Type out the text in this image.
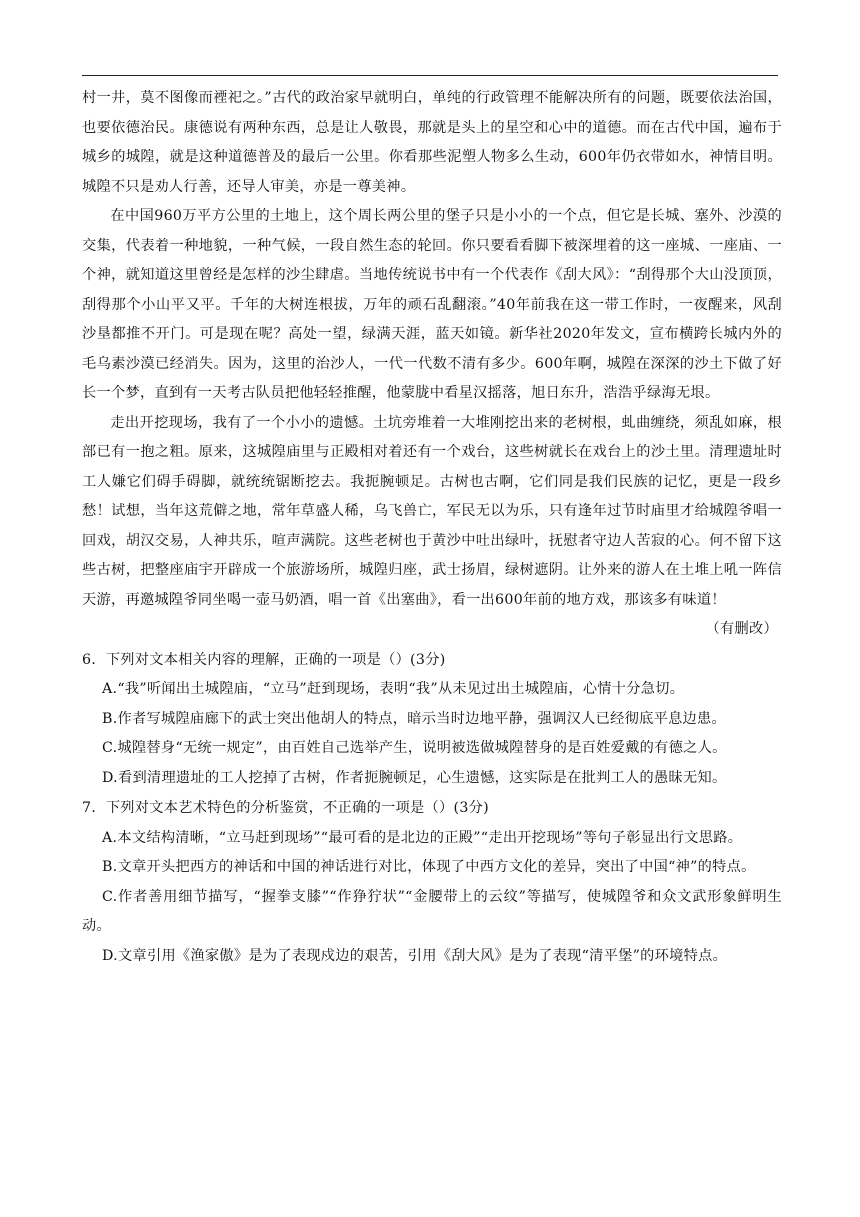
村一井，莫不图像而禋祀之。”古代的政治家早就明白，单纯的行政管理不能解决所有的问题，既要依法治国，也要依德治民。康德说有两种东西，总是让人敬畏，那就是头上的星空和心中的道德。而在古代中国，遍布于城乡的城隍，就是这种道德普及的最后一公里。你看那些泥塑人物多么生动，600年仍衣带如水，神情目明。城隍不只是劝人行善，还导人审美，亦是一尊美神。

在中国960万平方公里的土地上，这个周长两公里的堡子只是小小的一个点，但它是长城、塞外、沙漠的交集，代表着一种地貌，一种气候，一段自然生态的轮回。你只要看看脚下被深埋着的这一座城、一座庙、一个神，就知道这里曾经是怎样的沙尘肆虐。当地传统说书中有一个代表作《刮大风》：“刮得那个大山没顶顶，刮得那个小山平又平。千年的大树连根拔，万年的顽石乱翻滚。”40年前我在这一带工作时，一夜醒来，风刮沙垦都推不开门。可是现在呢？高处一望，绿满天涯，蓝天如镜。新华社2020年发文，宣布横跨长城内外的毛乌素沙漠已经消失。因为，这里的治沙人，一代一代数不清有多少。600年啊，城隍在深深的沙土下做了好长一个梦，直到有一天考古队员把他轻轻推醒，他蒙胧中看星汉摇落，旭日东升，浩浩乎绿海无垠。

走出开挖现场，我有了一个小小的遗憾。土坑旁堆着一大堆刚挖出来的老树根，虬曲缠绕，须乱如麻，根部已有一抱之粗。原来，这城隍庙里与正殿相对着还有一个戏台，这些树就长在戏台上的沙土里。清理遗址时工人嫌它们碍手碍脚，就统统锯断挖去。我扼腕顿足。古树也古啊，它们同是我们民族的记忆，更是一段乡愁！试想，当年这荒僻之地，常年草盛人稀，乌飞兽亡，军民无以为乐，只有逢年过节时庙里才给城隍爷唱一回戏，胡汉交易，人神共乐，喧声满院。这些老树也于黄沙中吐出绿叶，抚慰者守边人苦寂的心。何不留下这些古树，把整座庙宇开辟成一个旅游场所，城隍归座，武士扬眉，绿树遮阴。让外来的游人在土堆上吼一阵信天游，再邀城隍爷同坐喝一壶马奶酒，唱一首《出塞曲》，看一出600年前的地方戏，那该多有味道！

（有删改）

6．下列对文本相关内容的理解，正确的一项是（）(3分)

A.“我”听闻出土城隍庙，“立马”赶到现场，表明“我”从未见过出土城隍庙，心情十分急切。

B.作者写城隍庙廊下的武士突出他胡人的特点，暗示当时边地平静，强调汉人已经彻底平息边患。

C.城隍替身“无统一规定”，由百姓自己选举产生，说明被选做城隍替身的是百姓爱戴的有德之人。

D.看到清理遗址的工人挖掉了古树，作者扼腕顿足，心生遗憾，这实际是在批判工人的愚昧无知。

7．下列对文本艺术特色的分析鉴赏，不正确的一项是（）(3分)

A.本文结构清晰，“立马赶到现场”“最可看的是北边的正殿”“走出开挖现场”等句子彰显出行文思路。

B.文章开头把西方的神话和中国的神话进行对比，体现了中西方文化的差异，突出了中国“神”的特点。

C.作者善用细节描写，“握拳支膝”“作狰狞状”“金腰带上的云纹”等描写，使城隍爷和众文武形象鲜明生动。

D.文章引用《渔家傲》是为了表现戍边的艰苦，引用《刮大风》是为了表现“清平堡”的环境特点。
